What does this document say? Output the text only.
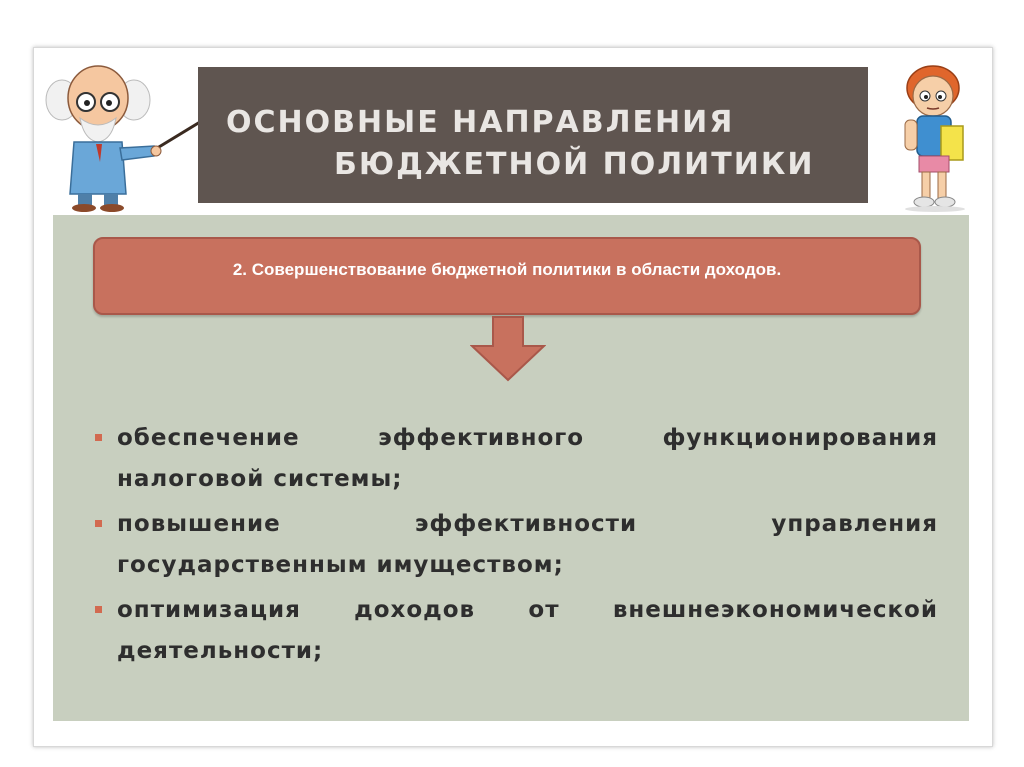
ОСНОВНЫЕ НАПРАВЛЕНИЯ
БЮДЖЕТНОЙ ПОЛИТИКИ
2. Совершенствование бюджетной политики в области доходов.
обеспечение	эффективного	функционирования
налоговой системы;
повышение	эффективности	управления
государственным имуществом;
оптимизация доходов от внешнеэкономической
деятельности;
